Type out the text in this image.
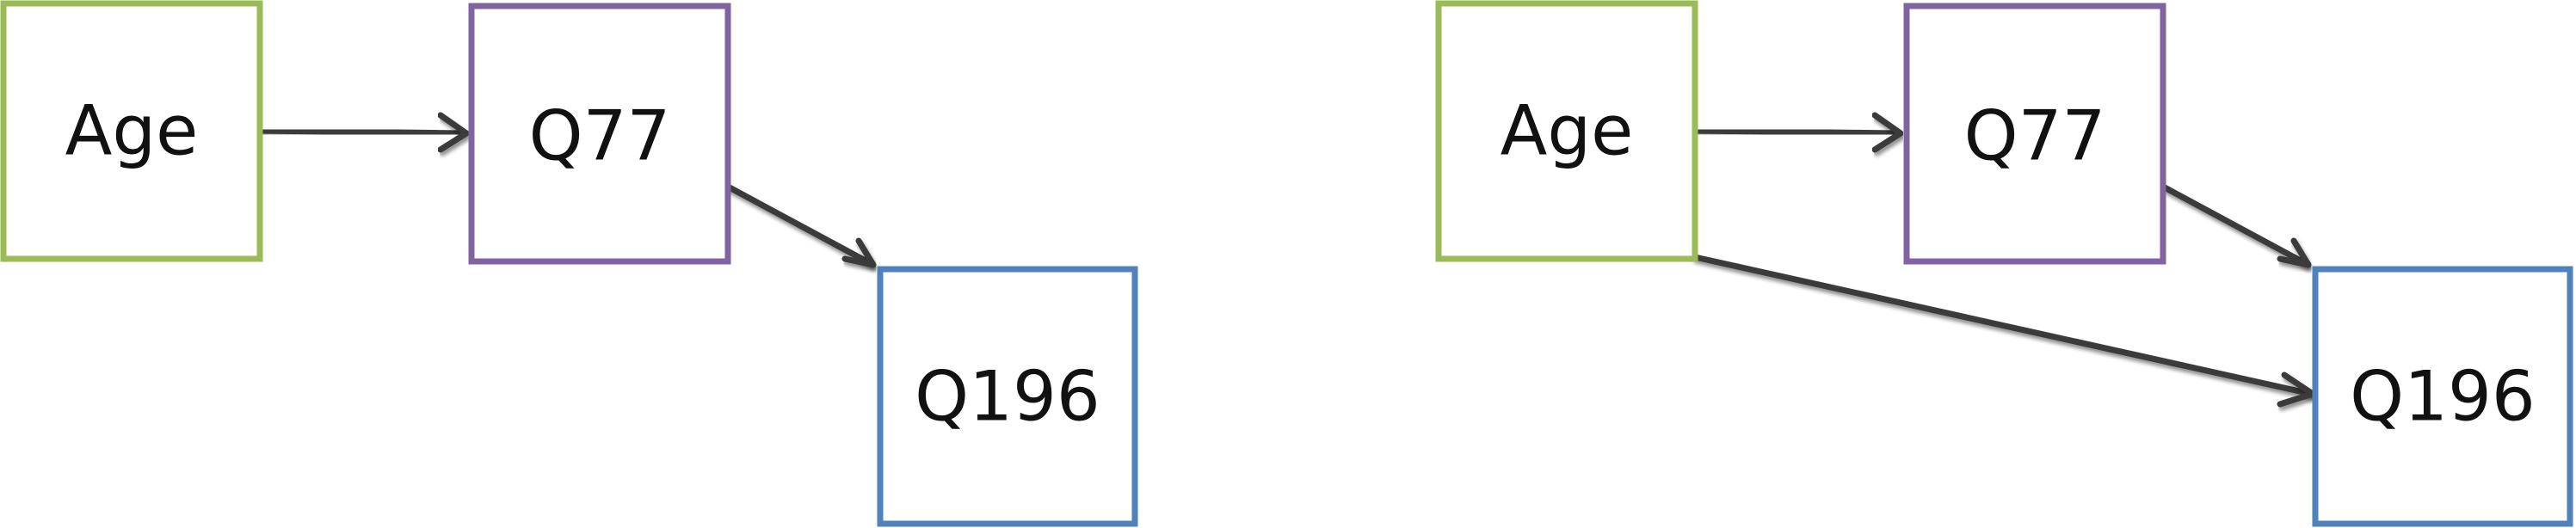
Age	Q77
Q196
Age	Q77
Q196
